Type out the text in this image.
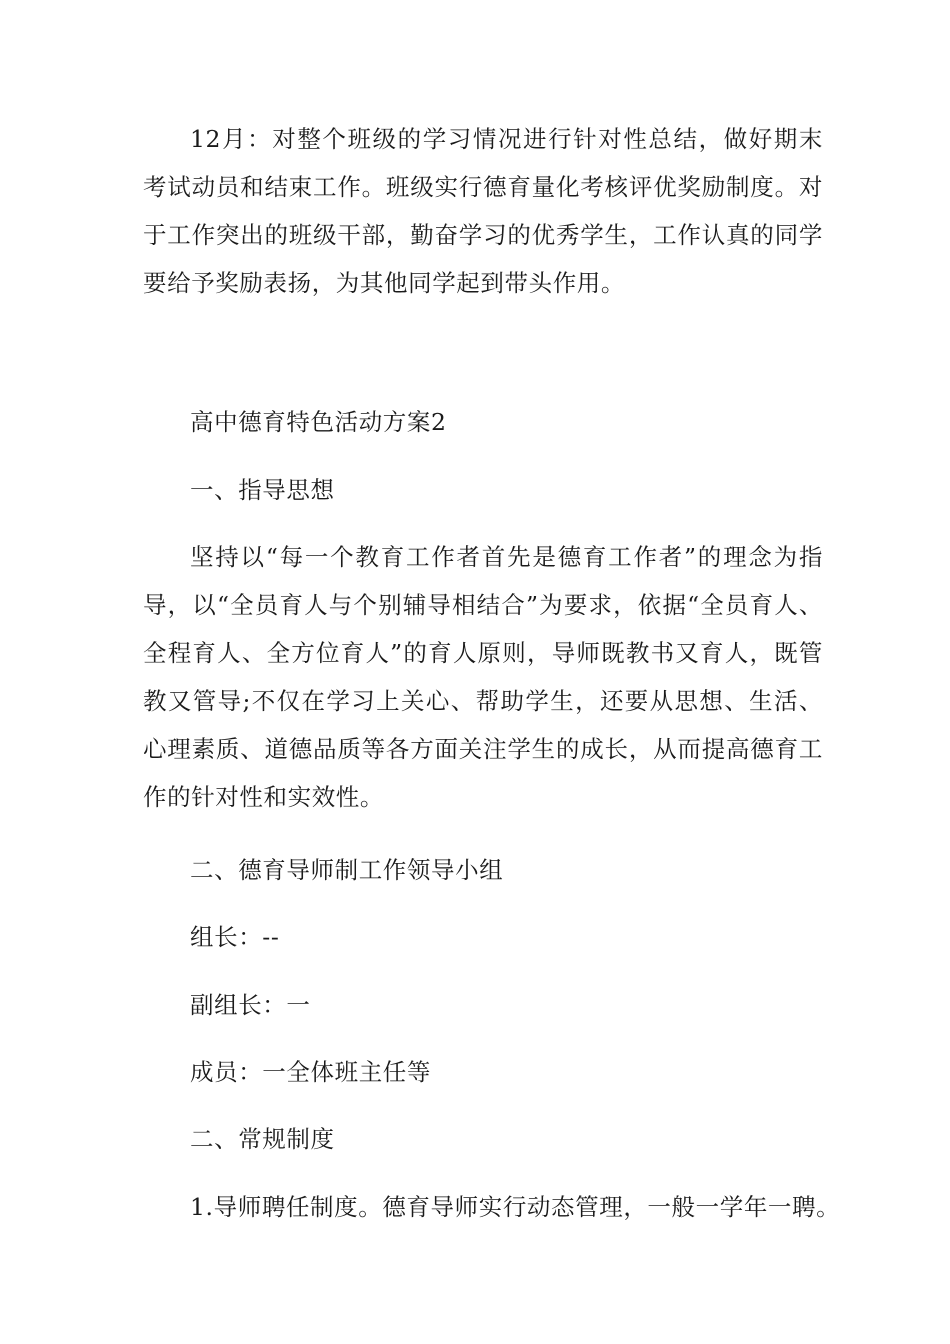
12月：对整个班级的学习情况进行针对性总结，做好期末考试动员和结束工作。班级实行德育量化考核评优奖励制度。对于工作突出的班级干部，勤奋学习的优秀学生，工作认真的同学要给予奖励表扬，为其他同学起到带头作用。

高中德育特色活动方案2

一、指导思想

坚持以“每一个教育工作者首先是德育工作者”的理念为指导，以“全员育人与个别辅导相结合”为要求，依据“全员育人、全程育人、全方位育人”的育人原则，导师既教书又育人，既管教又管导;不仅在学习上关心、帮助学生，还要从思想、生活、心理素质、道德品质等各方面关注学生的成长，从而提高德育工作的针对性和实效性。

二、德育导师制工作领导小组

组长：--

副组长：一

成员：一全体班主任等

二、常规制度

1.导师聘任制度。德育导师实行动态管理，一般一学年一聘。
